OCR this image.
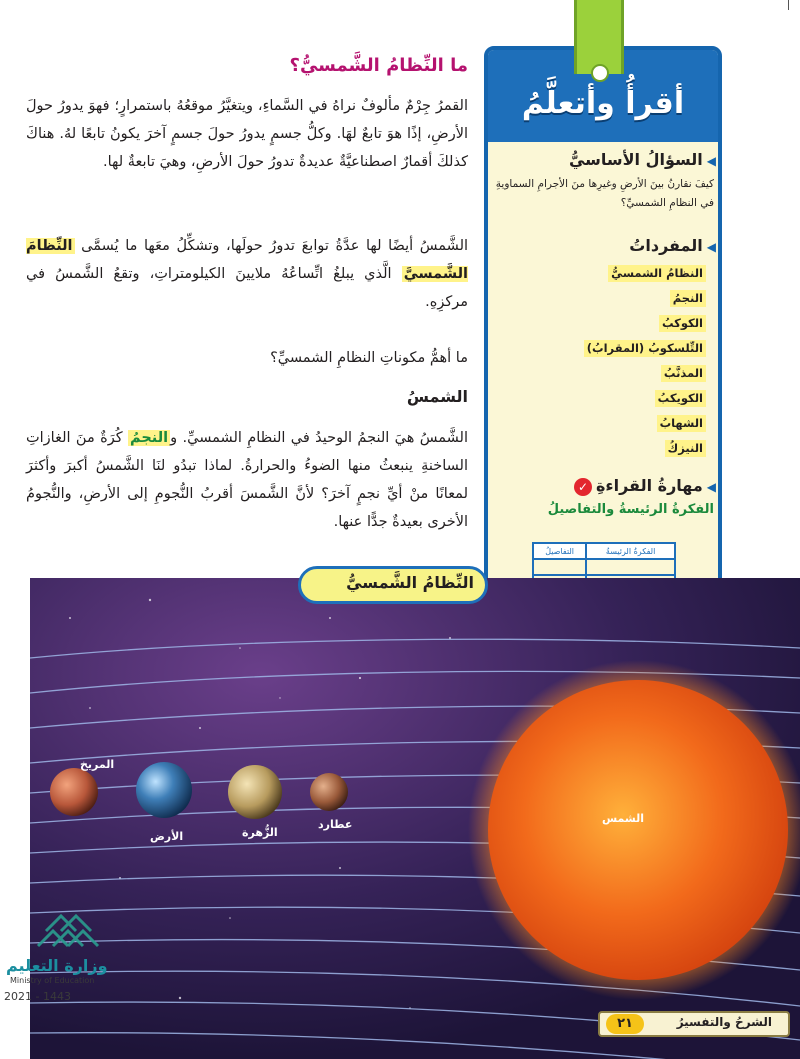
ما النِّظامُ الشَّمسيُّ؟
القمرُ جِرْمٌ مألوفٌ نراهُ في السَّماءِ، ويتغيَّرُ موقعُهُ باستمرارٍ؛ فهوَ يدورُ حولَ الأرضِ، إذًا هوَ تابعٌ لهَا. وكلُّ جسمٍ يدورُ حولَ جسمٍ آخرَ يكونُ تابعًا لهُ. هناكَ كذلكَ أقمارٌ اصطناعيَّةٌ عديدةٌ تدورُ حولَ الأرضِ، وهيَ تابعةٌ لها.
الشَّمسُ أيضًا لها عدَّةُ توابعَ تدورُ حولَها، وتشكِّلُ معَها ما يُسمَّى النِّظامَ الشَّمسيَّ الَّذي يبلغُ اتِّساعُهُ ملايينَ الكيلومتراتِ، وتقعُ الشَّمسُ في مركزِهِ.
ما أهمُّ مكوناتِ النظامِ الشمسيِّ؟
الشمسُ
الشَّمسُ هيَ النجمُ الوحيدُ في النظامِ الشمسيِّ. والنجمُ كُرَةٌ منَ الغازاتِ الساخنةِ ينبعثُ منها الضوءُ والحرارةُ. لماذا تبدُو لنَا الشَّمسُ أكبرَ وأكثرَ لمعانًا منْ أيِّ نجمٍ آخرَ؟ لأنَّ الشَّمسَ أقربُ النُّجومِ إلى الأرضِ، والنُّجومُ الأخرى بعيدةٌ جدًّا عنها.
أقرأُ وأتعلَّمُ
◀السؤالُ الأساسيُّ
كيفَ نقارنُ بينَ الأرضِ وغيرِها منَ الأجرامِ السماويةِ في النظامِ الشمسيِّ؟
◀المفرداتُ
النظامُ الشمسيُّ
النجمُ
الكوكبُ
التِّلسكوبُ (المقرابُ)
المذنَّبُ
الكويكبُ
الشهابُ
النيزكُ
◀مهارةُ القراءةِ✓
الفكرةُ الرئيسةُ والتفاصيلُ
الفكرةُ الرئيسةُ	التفاصيلُ

الشمس
عطارد
الزُّهرة
الأرض
المريخ
النِّظامُ الشَّمسيُّ
الشرحُ والتفسيرُ
٢١
وزارة التعليم
Ministry of Education
2021 - 1443
